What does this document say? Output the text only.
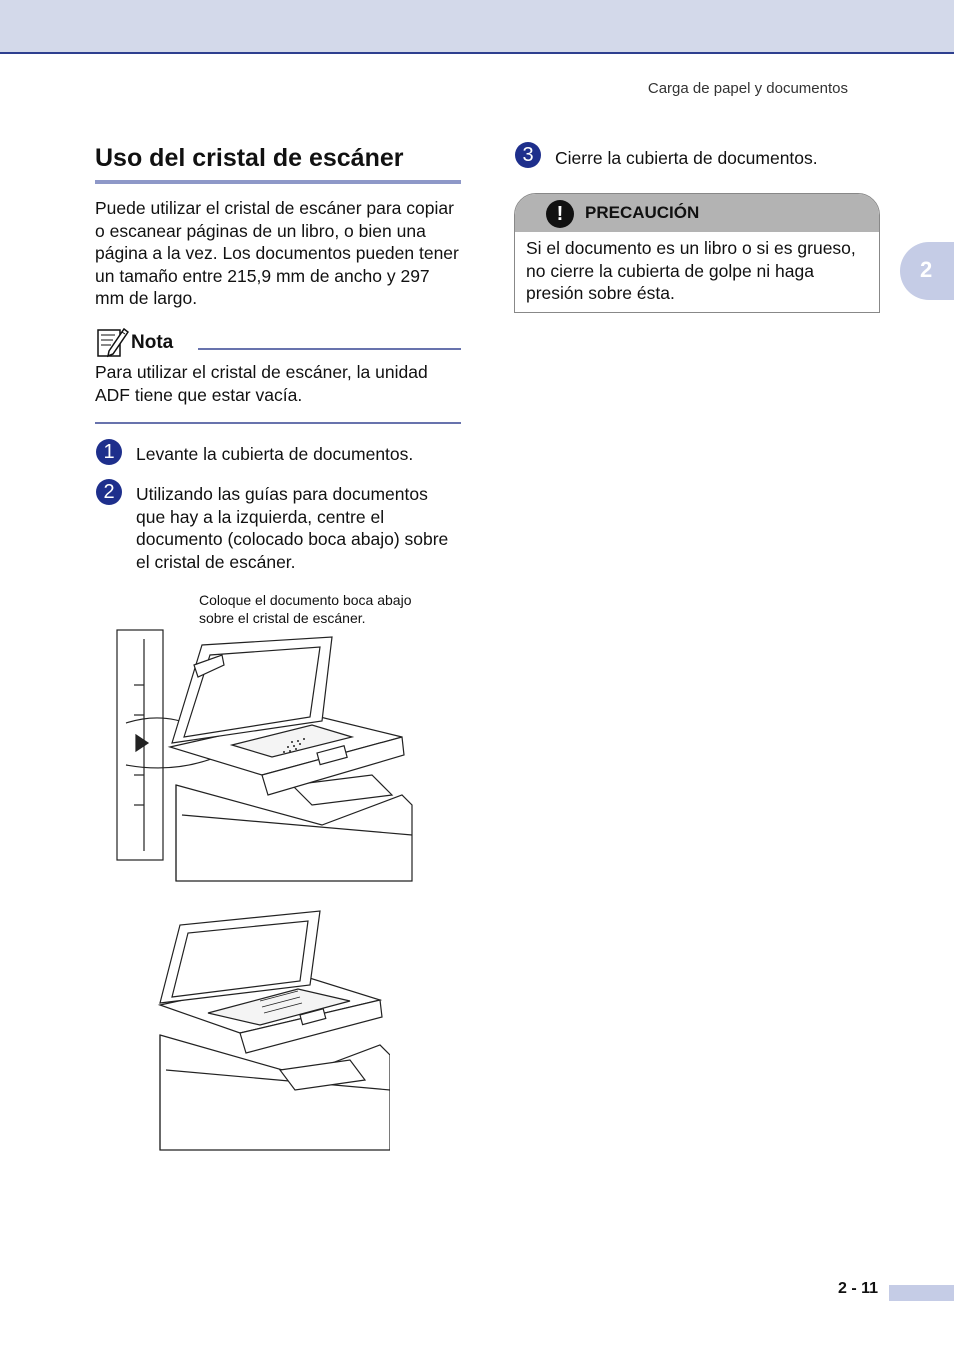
Carga de papel y documentos
2
Uso del cristal de escáner
Puede utilizar el cristal de escáner para copiar o escanear páginas de un libro, o bien una página a la vez. Los documentos pueden tener un tamaño entre 215,9 mm de ancho y 297 mm de largo.
Nota
Para utilizar el cristal de escáner, la unidad ADF tiene que estar vacía.
1	Levante la cubierta de documentos.
2	Utilizando las guías para documentos que hay a la izquierda, centre el documento (colocado boca abajo) sobre el cristal de escáner.
Coloque el documento boca abajo sobre el cristal de escáner.
3	Cierre la cubierta de documentos.
!	PRECAUCIÓN
Si el documento es un libro o si es grueso, no cierre la cubierta de golpe ni haga presión sobre ésta.
2 - 11
